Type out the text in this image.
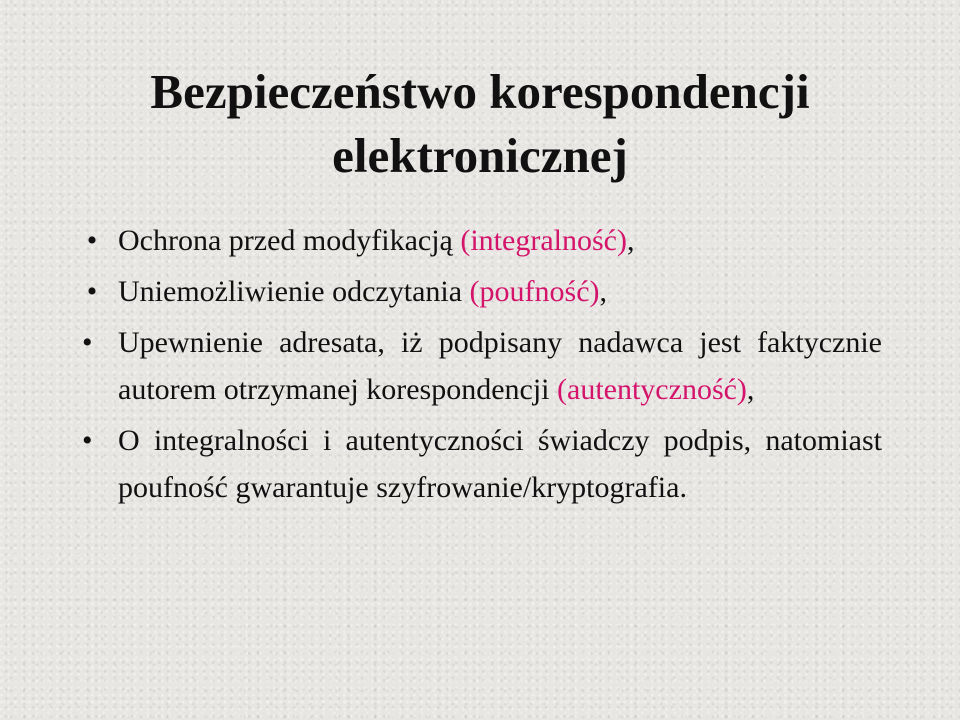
Bezpieczeństwo korespondencji elektronicznej
• Ochrona przed modyfikacją (integralność),
• Uniemożliwienie odczytania (poufność),
• Upewnienie adresata, iż podpisany nadawca jest faktycznie autorem otrzymanej korespondencji (autentyczność),
• O integralności i autentyczności świadczy podpis, natomiast poufność gwarantuje szyfrowanie/kryptografia.
